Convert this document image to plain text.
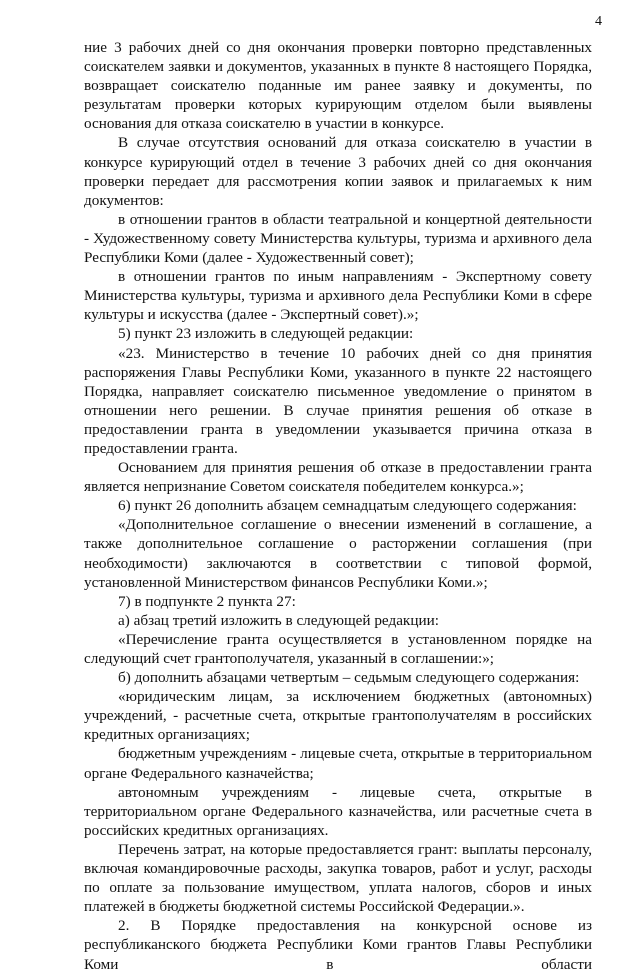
4

ние 3 рабочих дней со дня окончания проверки повторно представленных соискателем заявки и документов, указанных в пункте 8 настоящего Порядка, возвращает соискателю поданные им ранее заявку и документы, по результатам проверки которых курирующим отделом были выявлены основания для отказа соискателю в участии в конкурсе.

В случае отсутствия оснований для отказа соискателю в участии в конкурсе курирующий отдел в течение 3 рабочих дней со дня окончания проверки передает для рассмотрения копии заявок и прилагаемых к ним документов:

в отношении грантов в области театральной и концертной деятельности - Художественному совету Министерства культуры, туризма и архивного дела Республики Коми (далее - Художественный совет);

в отношении грантов по иным направлениям - Экспертному совету Министерства культуры, туризма и архивного дела Республики Коми в сфере культуры и искусства (далее - Экспертный совет).»;

5) пункт 23 изложить в следующей редакции:

«23. Министерство в течение 10 рабочих дней со дня принятия распоряжения Главы Республики Коми, указанного в пункте 22 настоящего Порядка, направляет соискателю письменное уведомление о принятом в отношении него решении. В случае принятия решения об отказе в предоставлении гранта в уведомлении указывается причина отказа в предоставлении гранта.

Основанием для принятия решения об отказе в предоставлении гранта является непризнание Советом соискателя победителем конкурса.»;

6) пункт 26 дополнить абзацем семнадцатым следующего содержания:

«Дополнительное соглашение о внесении изменений в соглашение, а также дополнительное соглашение о расторжении соглашения (при необходимости) заключаются в соответствии с типовой формой, установленной Министерством финансов Республики Коми.»;

7) в подпункте 2 пункта 27:

а) абзац третий изложить в следующей редакции:

«Перечисление гранта осуществляется в установленном порядке на следующий счет грантополучателя, указанный в соглашении:»;

б) дополнить абзацами четвертым – седьмым следующего содержания:

«юридическим лицам, за исключением бюджетных (автономных) учреждений, - расчетные счета, открытые грантополучателям в российских кредитных организациях;

бюджетным учреждениям - лицевые счета, открытые в территориальном органе Федерального казначейства;

автономным учреждениям - лицевые счета, открытые в территориальном органе Федерального казначейства, или расчетные счета в российских кредитных организациях.

Перечень затрат, на которые предоставляется грант: выплаты персоналу, включая командировочные расходы, закупка товаров, работ и услуг, расходы по оплате за пользование имуществом, уплата налогов, сборов и иных платежей в бюджеты бюджетной системы Российской Федерации.».

2. В Порядке предоставления на конкурсной основе из республиканского бюджета Республики Коми грантов Главы Республики Коми в области
